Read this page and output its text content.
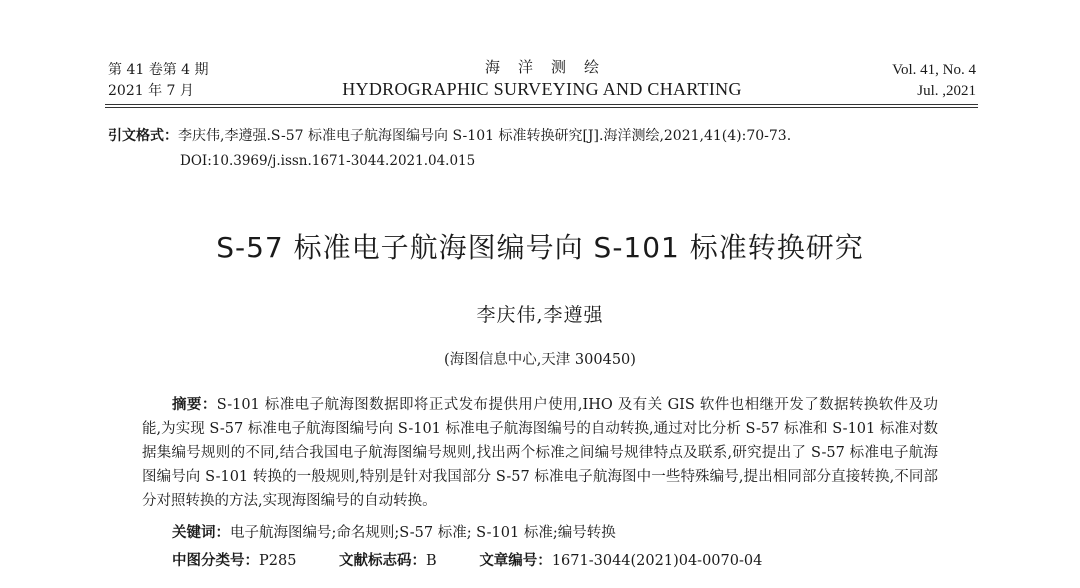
第 41 卷第 4 期
2021 年 7 月
海洋测绘
HYDROGRAPHIC SURVEYING AND CHARTING
Vol. 41, No. 4
Jul. ,2021
引文格式：李庆伟,李遵强.S-57 标准电子航海图编号向 S-101 标准转换研究[J].海洋测绘,2021,41(4):70-73.
DOI:10.3969/j.issn.1671-3044.2021.04.015
S-57 标准电子航海图编号向 S-101 标准转换研究
李庆伟,李遵强
(海图信息中心,天津 300450)
摘要：S-101 标准电子航海图数据即将正式发布提供用户使用,IHO 及有关 GIS 软件也相继开发了数据转换软件及功能,为实现 S-57 标准电子航海图编号向 S-101 标准电子航海图编号的自动转换,通过对比分析 S-57 标准和 S-101 标准对数据集编号规则的不同,结合我国电子航海图编号规则,找出两个标准之间编号规律特点及联系,研究提出了 S-57 标准电子航海图编号向 S-101 转换的一般规则,特别是针对我国部分 S-57 标准电子航海图中一些特殊编号,提出相同部分直接转换,不同部分对照转换的方法,实现海图编号的自动转换。
关键词：电子航海图编号;命名规则;S-57 标准; S-101 标准;编号转换
中图分类号：P285	文献标志码：B	文章编号：1671-3044(2021)04-0070-04
